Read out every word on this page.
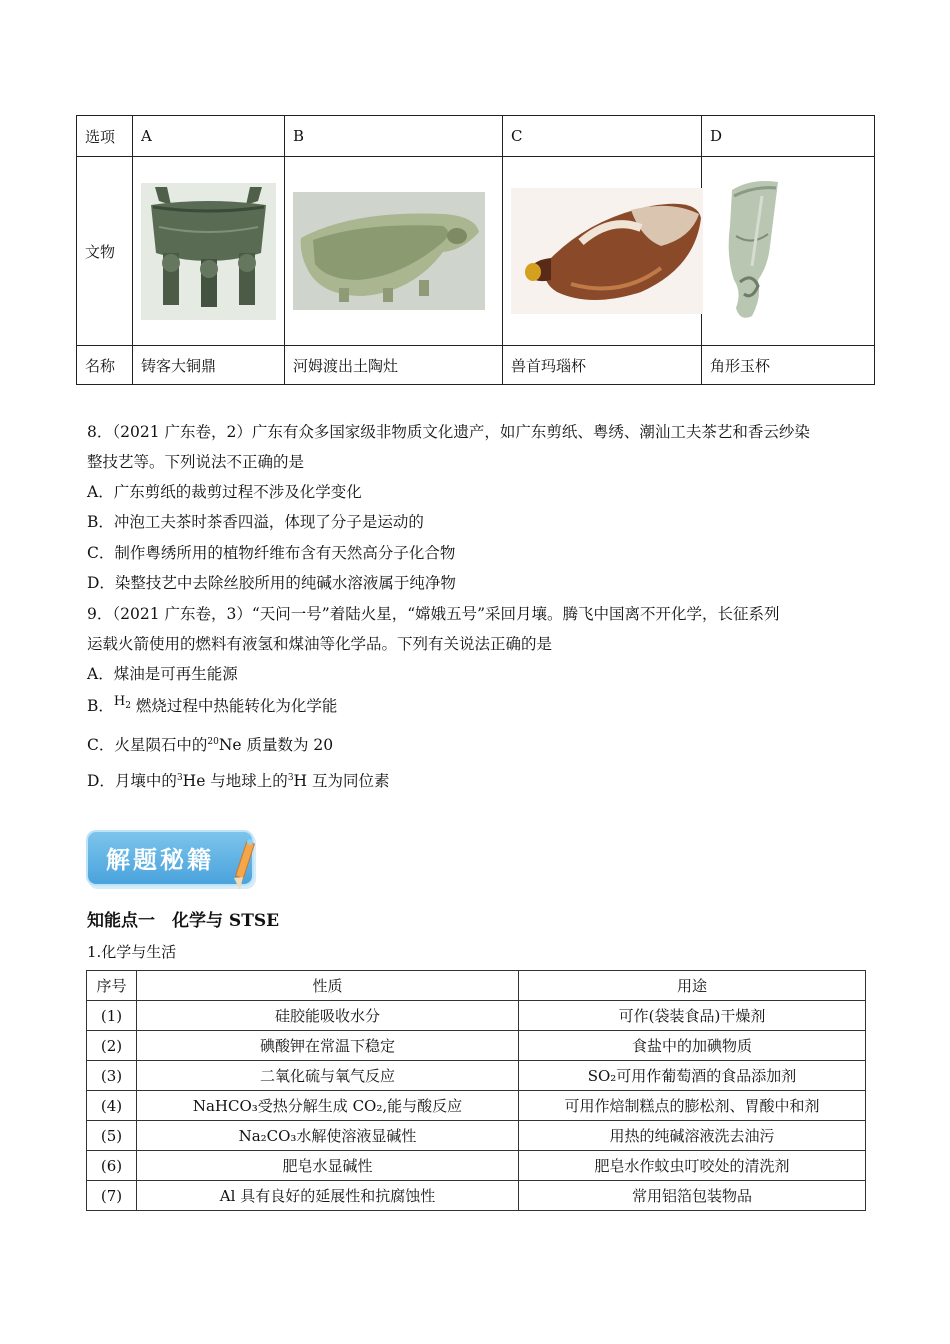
选项	A	B	C	D
文物	

名称	铸客大铜鼎	河姆渡出土陶灶	兽首玛瑙杯	角形玉杯
8．（2021 广东卷，2）广东有众多国家级非物质文化遗产，如广东剪纸、粤绣、潮汕工夫茶艺和香云纱染
整技艺等。下列说法不正确的是
A．广东剪纸的裁剪过程不涉及化学变化
B．冲泡工夫茶时茶香四溢，体现了分子是运动的
C．制作粤绣所用的植物纤维布含有天然高分子化合物
D．染整技艺中去除丝胶所用的纯碱水溶液属于纯净物
9．（2021 广东卷，3）“天问一号”着陆火星，“嫦娥五号”采回月壤。腾飞中国离不开化学，长征系列
运载火箭使用的燃料有液氢和煤油等化学品。下列有关说法正确的是
A．煤油是可再生能源
B．$^H$2 燃烧过程中热能转化为化学能
C．火星陨石中的$^{20}$Ne 质量数为 20
D．月壤中的$^3$He 与地球上的$^3$H 互为同位素
解题秘籍
知能点一　化学与 STSE
1.化学与生活
序号	性质	用途
(1)	硅胶能吸收水分	可作(袋装食品)干燥剂
(2)	碘酸钾在常温下稳定	食盐中的加碘物质
(3)	二氧化硫与氧气反应	SO₂可用作葡萄酒的食品添加剂
(4)	NaHCO₃受热分解生成 CO₂,能与酸反应	可用作焙制糕点的膨松剂、胃酸中和剂
(5)	Na₂CO₃水解使溶液显碱性	用热的纯碱溶液洗去油污
(6)	肥皂水显碱性	肥皂水作蚊虫叮咬处的清洗剂
(7)	Al 具有良好的延展性和抗腐蚀性	常用铝箔包装物品
